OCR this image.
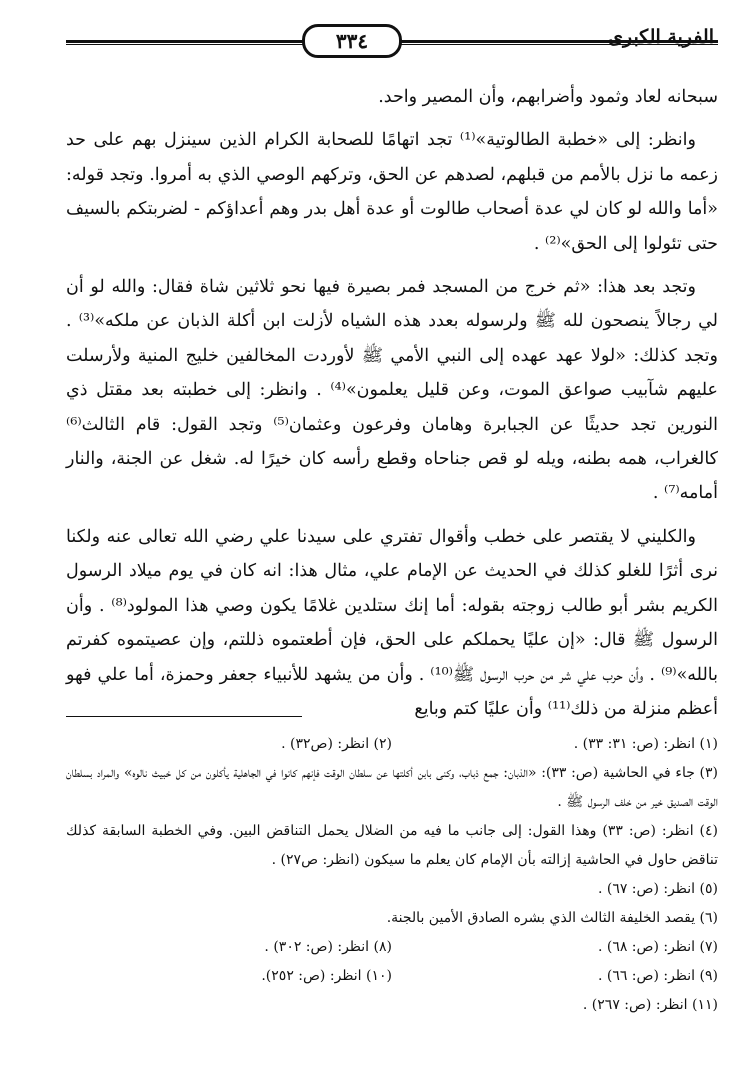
٣٣٤	الفرية الكبرى

سبحانه لعاد وثمود وأضرابهم، وأن المصير واحد.

وانظر: إلى «خطبة الطالوتية»⁽¹⁾ تجد اتهامًا للصحابة الكرام الذين سينزل بهم على حد زعمه ما نزل بالأمم من قبلهم، لصدهم عن الحق، وتركهم الوصي الذي به أمروا. وتجد قوله: «أما والله لو كان لي عدة أصحاب طالوت أو عدة أهل بدر وهم أعداؤكم - لضربتكم بالسيف حتى تئولوا إلى الحق»⁽²⁾ .

وتجد بعد هذا: «ثم خرج من المسجد فمر بصيرة فيها نحو ثلاثين شاة فقال: والله لو أن لي رجالاً ينصحون لله ﷺ ولرسوله بعدد هذه الشياه لأزلت ابن أكلة الذبان عن ملكه»⁽³⁾ . وتجد كذلك: «لولا عهد عهده إلى النبي الأمي ﷺ لأوردت المخالفين خليج المنية ولأرسلت عليهم شآبيب صواعق الموت، وعن قليل يعلمون»⁽⁴⁾ . وانظر: إلى خطبته بعد مقتل ذي النورين تجد حديثًا عن الجبابرة وهامان وفرعون وعثمان⁽⁵⁾ وتجد القول: قام الثالث⁽⁶⁾ كالغراب، همه بطنه، ويله لو قص جناحاه وقطع رأسه كان خيرًا له. شغل عن الجنة، والنار أمامه⁽⁷⁾ .

والكليني لا يقتصر على خطب وأقوال تفتري على سيدنا علي رضي الله تعالى عنه ولكنا نرى أثرًا للغلو كذلك في الحديث عن الإمام علي، مثال هذا: انه كان في يوم ميلاد الرسول الكريم بشر أبو طالب زوجته بقوله: أما إنك ستلدين غلامًا يكون وصي هذا المولود⁽⁸⁾ . وأن الرسول ﷺ قال: «إن عليًا يحملكم على الحق، فإن أطعتموه ذللتم، وإن عصيتموه كفرتم بالله»⁽⁹⁾ . وأن حرب علي شر من حرب الرسول ﷺ⁽¹⁰⁾ . وأن من يشهد للأنبياء جعفر وحمزة، أما علي فهو أعظم منزلة من ذلك⁽¹¹⁾ وأن عليًا كتم وبايع

(١) انظر: (ص: ٣١: ٣٣) .
(٢) انظر: (ص٣٢) .
(٣) جاء في الحاشية (ص: ٣٣): «الذبان: جمع ذباب، وكنى بابن أكلتها عن سلطان الوقت فإنهم كانوا في الجاهلية يأكلون من كل خبيث نالوه» والمراد بسلطان الوقت الصديق خير من خلف الرسول ﷺ .
(٤) انظر: (ص: ٣٣) وهذا القول: إلى جانب ما فيه من الضلال يحمل التناقض البين. وفي الخطبة السابقة كذلك تناقض حاول في الحاشية إزالته بأن الإمام كان يعلم ما سيكون (انظر: ص٢٧) .
(٥) انظر: (ص: ٦٧) .
(٦) يقصد الخليفة الثالث الذي بشره الصادق الأمين بالجنة.
(٧) انظر: (ص: ٦٨) .
(٨) انظر: (ص: ٣٠٢) .
(٩) انظر: (ص: ٦٦) .
(١٠) انظر: (ص: ٢٥٢).
(١١) انظر: (ص: ٢٦٧) .
